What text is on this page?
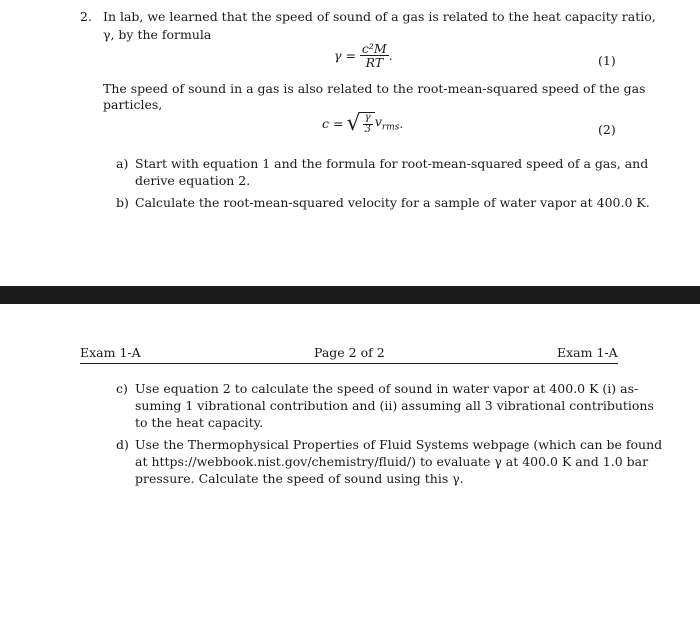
2. In lab, we learned that the speed of sound of a gas is related to the heat capacity ratio,
γ, by the formula
$\gamma = \frac{\text{c²M}}{RT}$ .	(1)
The speed of sound in a gas is also related to the root-mean-squared speed of the gas
particles,
c = √ $\frac{\gamma}{3} v_{rms}$ .	(2)
a) Start with equation 1 and the formula for root-mean-squared speed of a gas, and
derive equation 2.
b) Calculate the root-mean-squared velocity for a sample of water vapor at 400.0 K.
Exam 1-A	Page 2 of 2	Exam 1-A
c) Use equation 2 to calculate the speed of sound in water vapor at 400.0 K (i) as-
suming 1 vibrational contribution and (ii) assuming all 3 vibrational contributions
to the heat capacity.
d) Use the Thermophysical Properties of Fluid Systems webpage (which can be found
at https://webbook.nist.gov/chemistry/fluid/) to evaluate γ at 400.0 K and 1.0 bar
pressure. Calculate the speed of sound using this γ.
